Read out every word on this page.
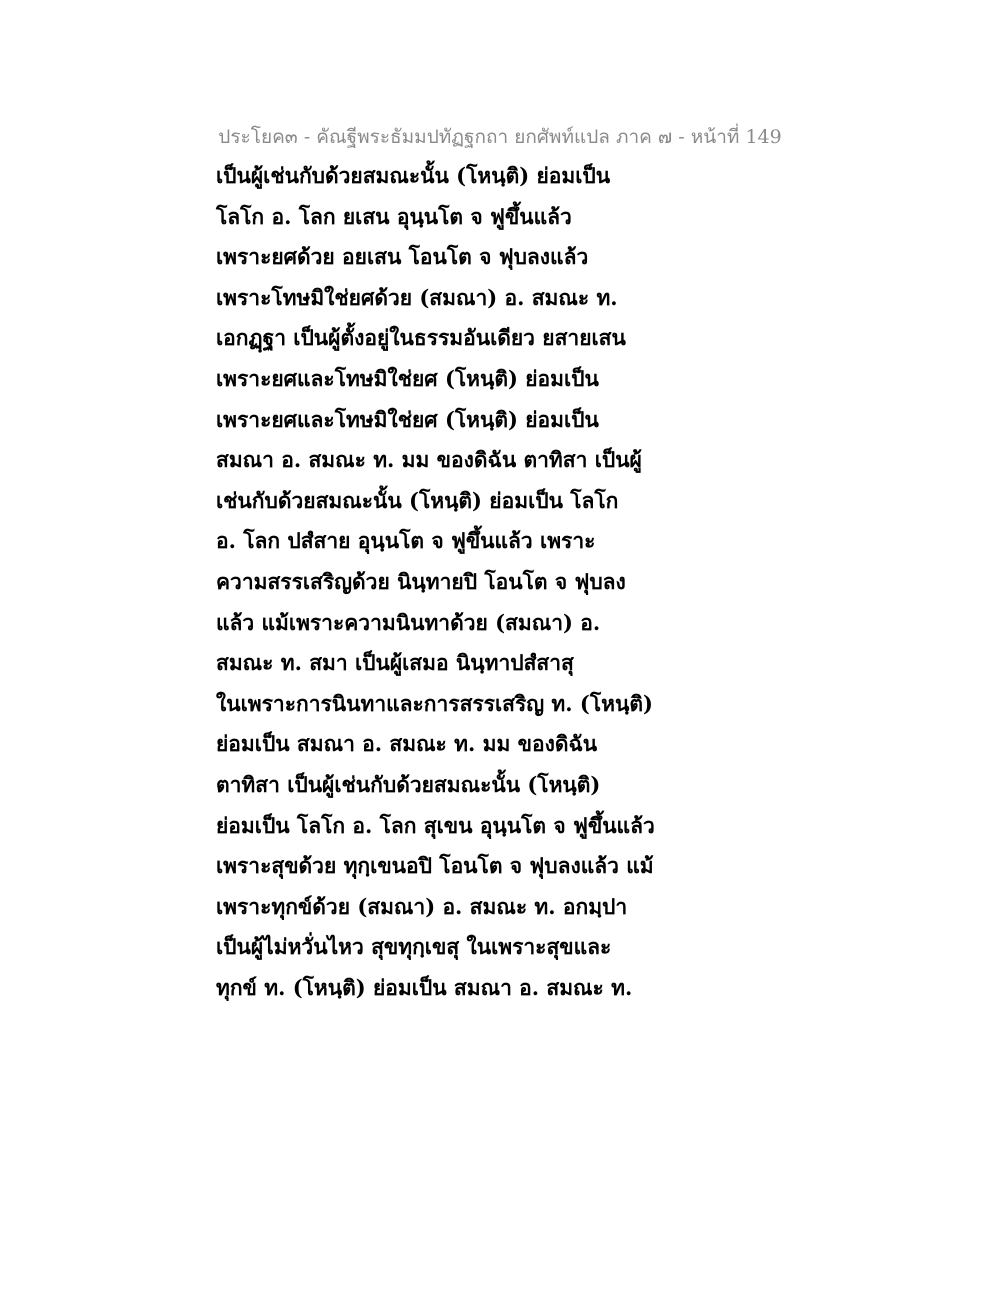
ประโยค๓ - คัณฐีพระธัมมปทัฏฐกถา ยกศัพท์แปล ภาค ๗ - หน้าที่ 149
เป็นผู้เช่นกับด้วยสมณะนั้น (โหนฺติ) ย่อมเป็น
โลโก อ. โลก ยเสน อุนฺนโต จ ฟูขึ้นแล้ว
เพราะยศด้วย อยเสน โอนโต จ ฟุบลงแล้ว
เพราะโทษมิใช่ยศด้วย (สมณา) อ. สมณะ ท.
เอกฏฺฐา เป็นผู้ตั้งอยู่ในธรรมอันเดียว ยสายเสน
เพราะยศและโทษมิใช่ยศ (โหนฺติ) ย่อมเป็น
เพราะยศและโทษมิใช่ยศ (โหนฺติ) ย่อมเป็น
สมณา อ. สมณะ ท. มม ของดิฉัน ตาทิสา เป็นผู้
เช่นกับด้วยสมณะนั้น (โหนฺติ) ย่อมเป็น โลโก
อ. โลก ปสํสาย อุนฺนโต จ ฟูขึ้นแล้ว เพราะ
ความสรรเสริญด้วย นินฺทายปิ โอนโต จ ฟุบลง
แล้ว แม้เพราะความนินทาด้วย (สมณา) อ.
สมณะ ท. สมา เป็นผู้เสมอ นินฺทาปสํสาสุ
ในเพราะการนินทาและการสรรเสริญ ท. (โหนฺติ)
ย่อมเป็น สมณา อ. สมณะ ท. มม ของดิฉัน
ตาทิสา เป็นผู้เช่นกับด้วยสมณะนั้น (โหนฺติ)
ย่อมเป็น โลโก อ. โลก สุเขน อุนฺนโต จ ฟูขึ้นแล้ว
เพราะสุขด้วย ทุกฺเขนอปิ โอนโต จ ฟุบลงแล้ว แม้
เพราะทุกข์ด้วย (สมณา) อ. สมณะ ท. อกมฺปา
เป็นผู้ไม่หวั่นไหว สุขทุกฺเขสุ ในเพราะสุขและ
ทุกข์ ท. (โหนฺติ) ย่อมเป็น สมณา อ. สมณะ ท.
